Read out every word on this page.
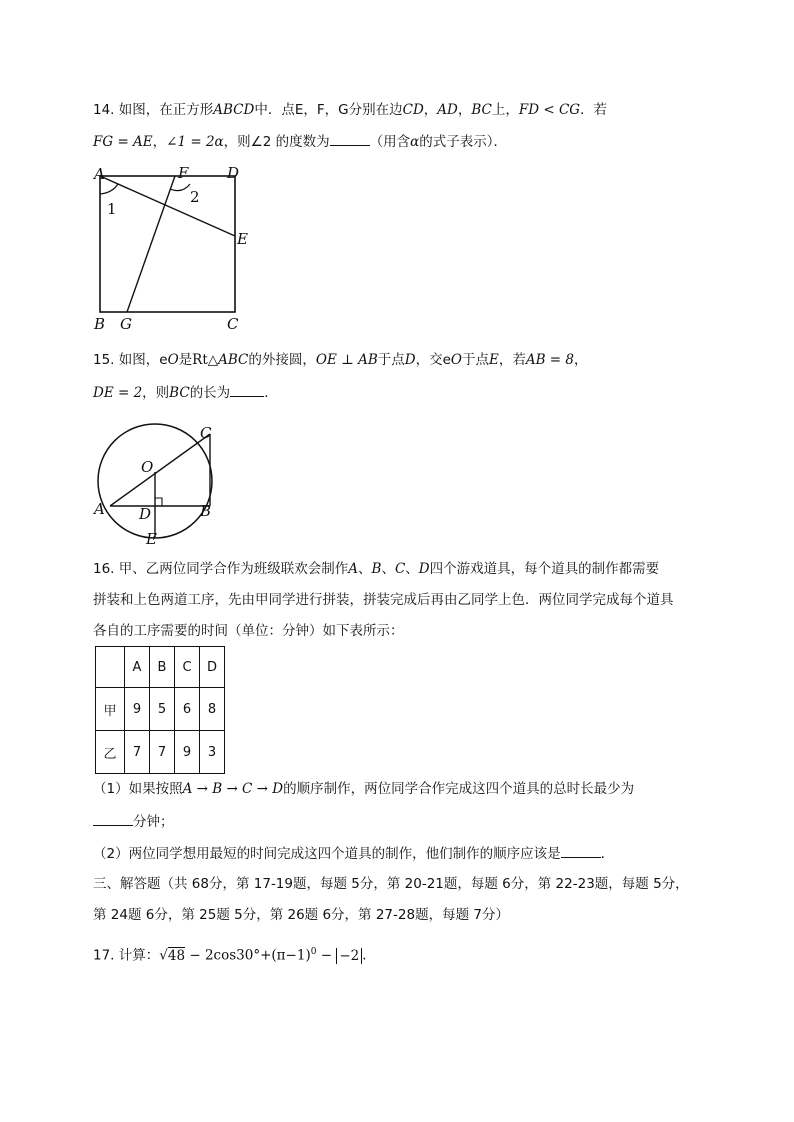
14. 如图，在正方形ABCD中．点E，F，G分别在边CD，AD，BC上，FD < CG．若
FG = AE，∠1 = 2α，则∠2 的度数为	（用含α的式子表示）．
A	F	D
E
B G	C
1
2
15. 如图，eO是Rt△ABC的外接圆，OE ⊥ AB于点D，交eO于点E，若AB = 8，
DE = 2，则BC的长为	．
C
O
A D	B
E
16. 甲、乙两位同学合作为班级联欢会制作A、B、C、D四个游戏道具，每个道具的制作都需要
拼装和上色两道工序，先由甲同学进行拼装，拼装完成后再由乙同学上色．两位同学完成每个道具
各自的工序需要的时间（单位：分钟）如下表所示：
	A	B	C	D
甲	9	5	6	8
乙	7	7	9	3
（1）如果按照A → B → C → D的顺序制作，两位同学合作完成这四个道具的总时长最少为
分钟；
（2）两位同学想用最短的时间完成这四个道具的制作，他们制作的顺序应该是	．
三、解答题（共 68分，第 17-19题，每题 5分，第 20-21题，每题 6分，第 22-23题，每题 5分，
第 24题 6分，第 25题 5分，第 26题 6分，第 27-28题，每题 7分）
17. 计算：$√48 - 2\cos 30^\circ+(\pi-1)^0 - -2$ .
